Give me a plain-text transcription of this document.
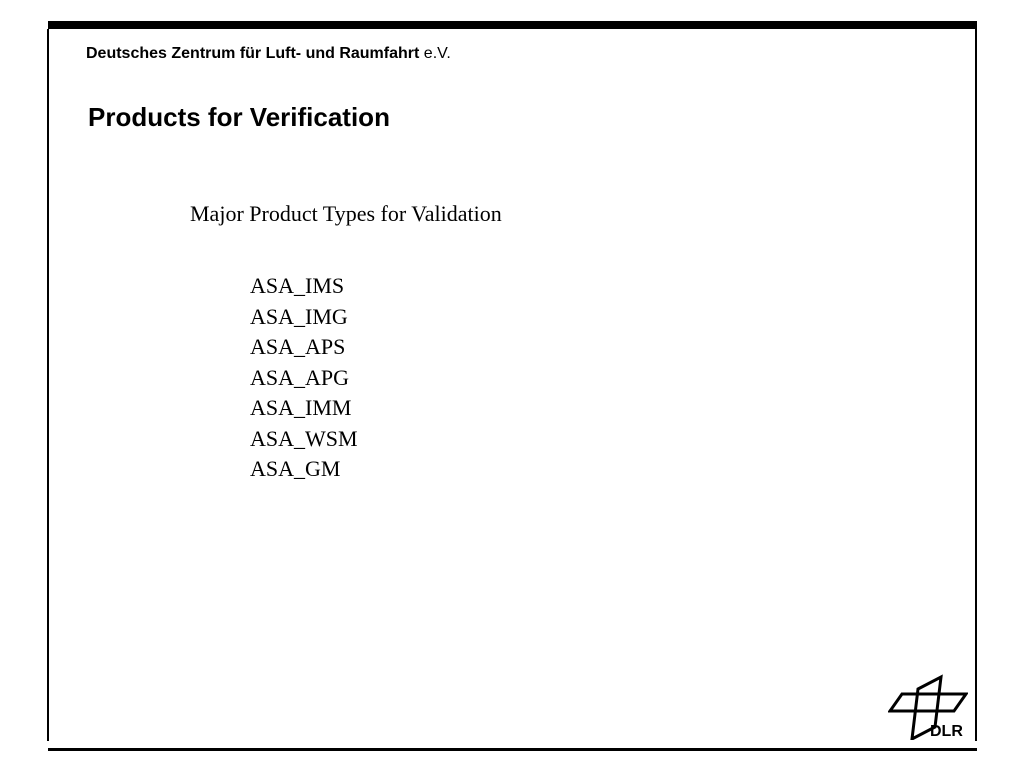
Deutsches Zentrum für Luft- und Raumfahrt e.V.
Products for Verification
Major Product Types for Validation
ASA_IMS
ASA_IMG
ASA_APS
ASA_APG
ASA_IMM
ASA_WSM
ASA_GM
DLR
